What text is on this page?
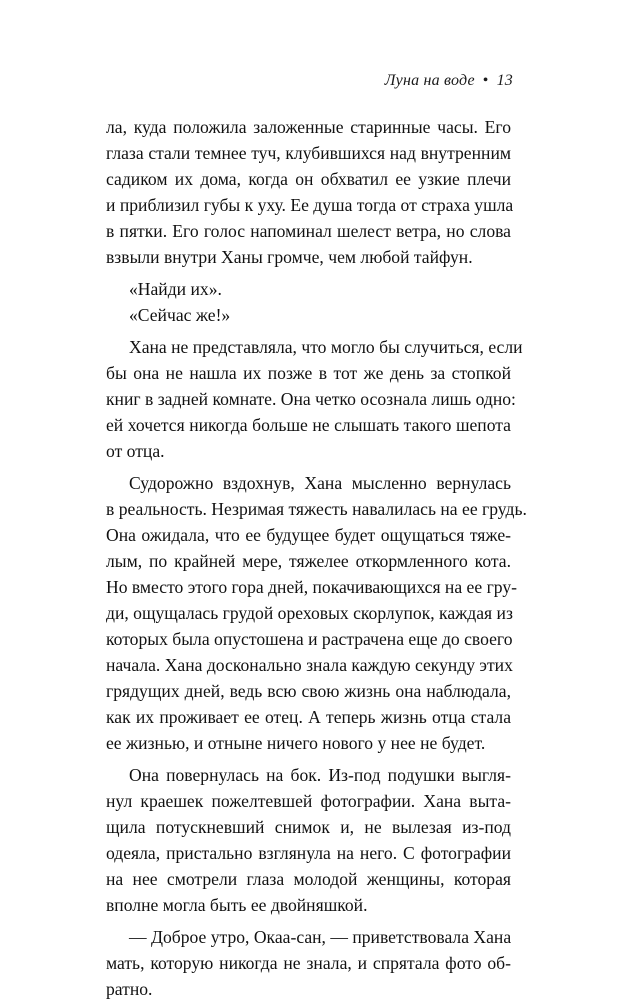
Луна на воде • 13
ла, куда положила заложенные старинные часы. Его
глаза стали темнее туч, клубившихся над внутренним
садиком их дома, когда он обхватил ее узкие плечи
и приблизил губы к уху. Ее душа тогда от страха ушла
в пятки. Его голос напоминал шелест ветра, но слова
взвыли внутри Ханы громче, чем любой тайфун.
«Найди их».
«Сейчас же!»
Хана не представляла, что могло бы случиться, если
бы она не нашла их позже в тот же день за стопкой
книг в задней комнате. Она четко осознала лишь одно:
ей хочется никогда больше не слышать такого шепота
от отца.
Судорожно вздохнув, Хана мысленно вернулась
в реальность. Незримая тяжесть навалилась на ее грудь.
Она ожидала, что ее будущее будет ощущаться тяже-
лым, по крайней мере, тяжелее откормленного кота.
Но вместо этого гора дней, покачивающихся на ее гру-
ди, ощущалась грудой ореховых скорлупок, каждая из
которых была опустошена и растрачена еще до своего
начала. Хана досконально знала каждую секунду этих
грядущих дней, ведь всю свою жизнь она наблюдала,
как их проживает ее отец. А теперь жизнь отца стала
ее жизнью, и отныне ничего нового у нее не будет.
Она повернулась на бок. Из-под подушки выгля-
нул краешек пожелтевшей фотографии. Хана выта-
щила потускневший снимок и, не вылезая из-под
одеяла, пристально взглянула на него. С фотографии
на нее смотрели глаза молодой женщины, которая
вполне могла быть ее двойняшкой.
— Доброе утро, Окаа-сан, — приветствовала Хана
мать, которую никогда не знала, и спрятала фото об-
ратно.
